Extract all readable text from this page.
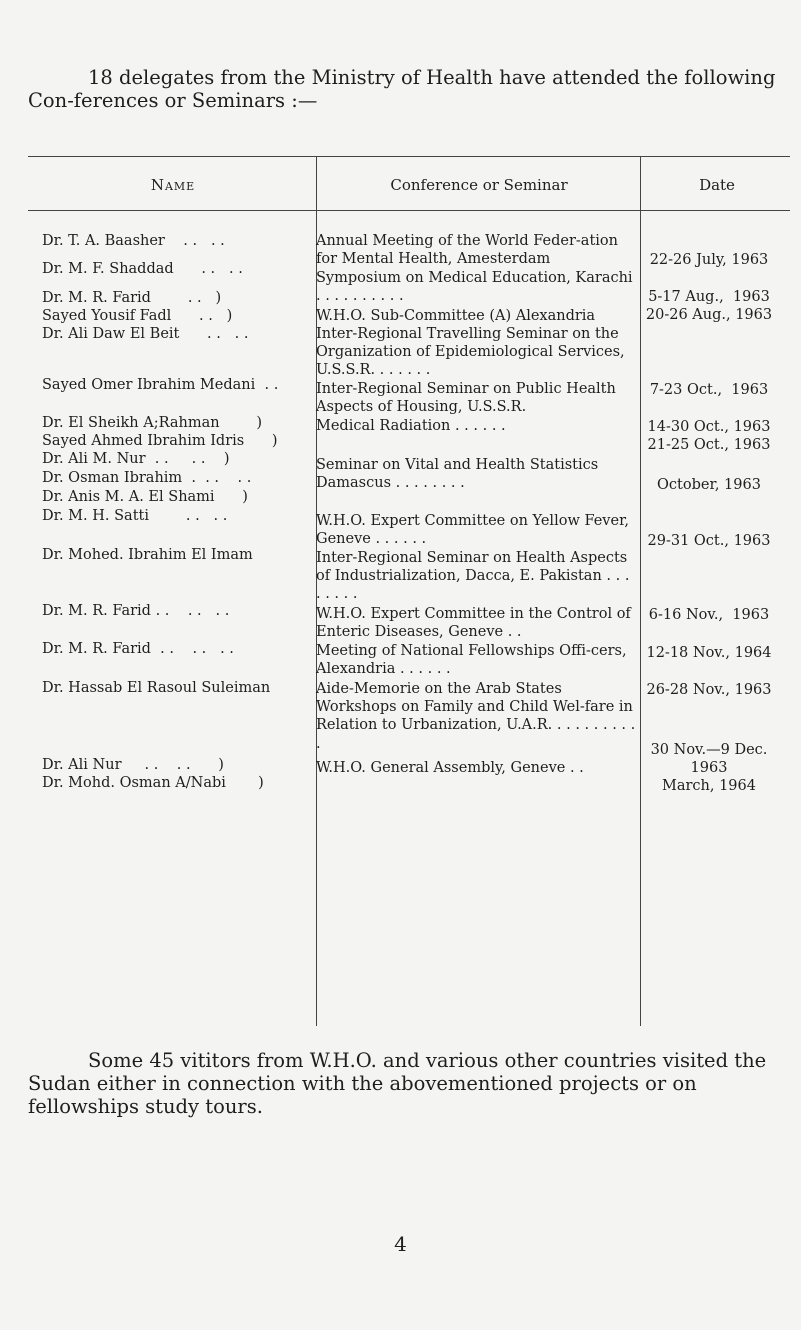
18 delegates from the Ministry of Health have attended the following Con-ferences or Seminars :—

Name	Conference or Seminar	Date
Dr. T. A. Baasher    . .   . .
Dr. M. F. Shaddad      . .   . .
Dr. M. R. Farid        . .   )
Sayed Yousif Fadl      . .   )
Dr. Ali Daw El Beit      . .   . .
Sayed Omer Ibrahim Medani  . .
Dr. El Sheikh A;Rahman        )
Sayed Ahmed Ibrahim Idris      )
Dr. Ali M. Nur  . .     . .    )
Dr. Osman Ibrahim  .  . .    . .
Dr. Anis M. A. El Shami      )
Dr. M. H. Satti        . .   . .
Dr. Mohed. Ibrahim El Imam
Dr. M. R. Farid . .    . .   . .
Dr. M. R. Farid  . .    . .   . .
Dr. Hassab El Rasoul Suleiman
Dr. Ali Nur     . .    . .      )
Dr. Mohd. Osman A/Nabi       )
Annual Meeting of the World Feder-ation for Mental Health, Amesterdam
Symposium on Medical Education, Karachi . . . . . . . . . .
W.H.O. Sub-Committee (A) Alexandria
Inter-Regional Travelling Seminar on the Organization of Epidemiological Services, U.S.S.R. . . . . . .
Inter-Regional Seminar on Public Health Aspects of Housing, U.S.S.R.
Medical Radiation . . . . . .
Seminar on Vital and Health Statistics Damascus . . . . . . . .
W.H.O. Expert Committee on Yellow Fever, Geneve . . . . . .
Inter-Regional Seminar on Health Aspects of Industrialization, Dacca, E. Pakistan . . . . . . . .
W.H.O. Expert Committee in the Control of Enteric Diseases, Geneve . .
Meeting of National Fellowships Offi-cers, Alexandria . . . . . .
Aide-Memorie on the Arab States Workshops on Family and Child Wel-fare in Relation to Urbanization, U.A.R. . . . . . . . . . .
W.H.O. General Assembly, Geneve . .
22-26 July, 1963
5-17 Aug.,  1963
20-26 Aug., 1963
7-23 Oct.,  1963
14-30 Oct., 1963
21-25 Oct., 1963
October, 1963
29-31 Oct., 1963
6-16 Nov.,  1963
12-18 Nov., 1964
26-28 Nov., 1963
30 Nov.—9 Dec.
1963
March, 1964

Some 45 vititors from W.H.O. and various other countries visited the Sudan either in connection with the abovementioned projects or on fellowships study tours.

4
